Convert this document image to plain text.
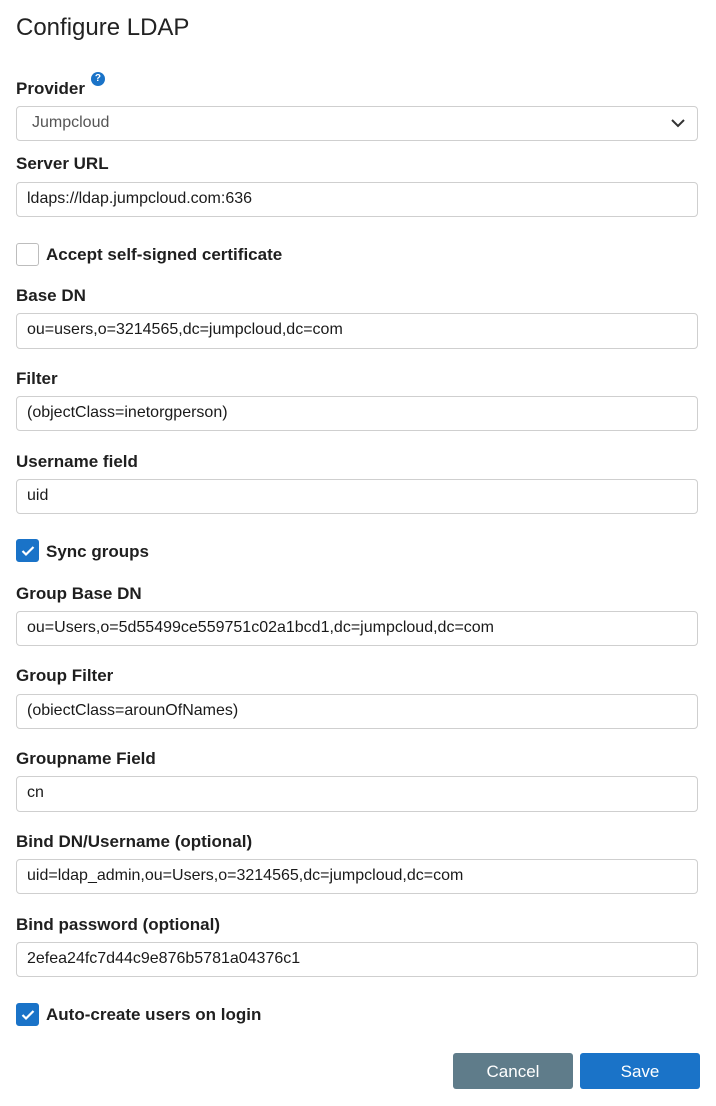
Configure LDAP
Provider?
Jumpcloud
Server URL
ldaps://ldap.jumpcloud.com:636
Accept self-signed certificate
Base DN
ou=users,o=3214565,dc=jumpcloud,dc=com
Filter
(objectClass=inetorgperson)
Username field
uid
Sync groups
Group Base DN
ou=Users,o=5d55499ce559751c02a1bcd1,dc=jumpcloud,dc=com
Group Filter
(obiectClass=arounOfNames)
Groupname Field
cn
Bind DN/Username (optional)
uid=ldap_admin,ou=Users,o=3214565,dc=jumpcloud,dc=com
Bind password (optional)
2efea24fc7d44c9e876b5781a04376c1
Auto-create users on login
Cancel	Save
